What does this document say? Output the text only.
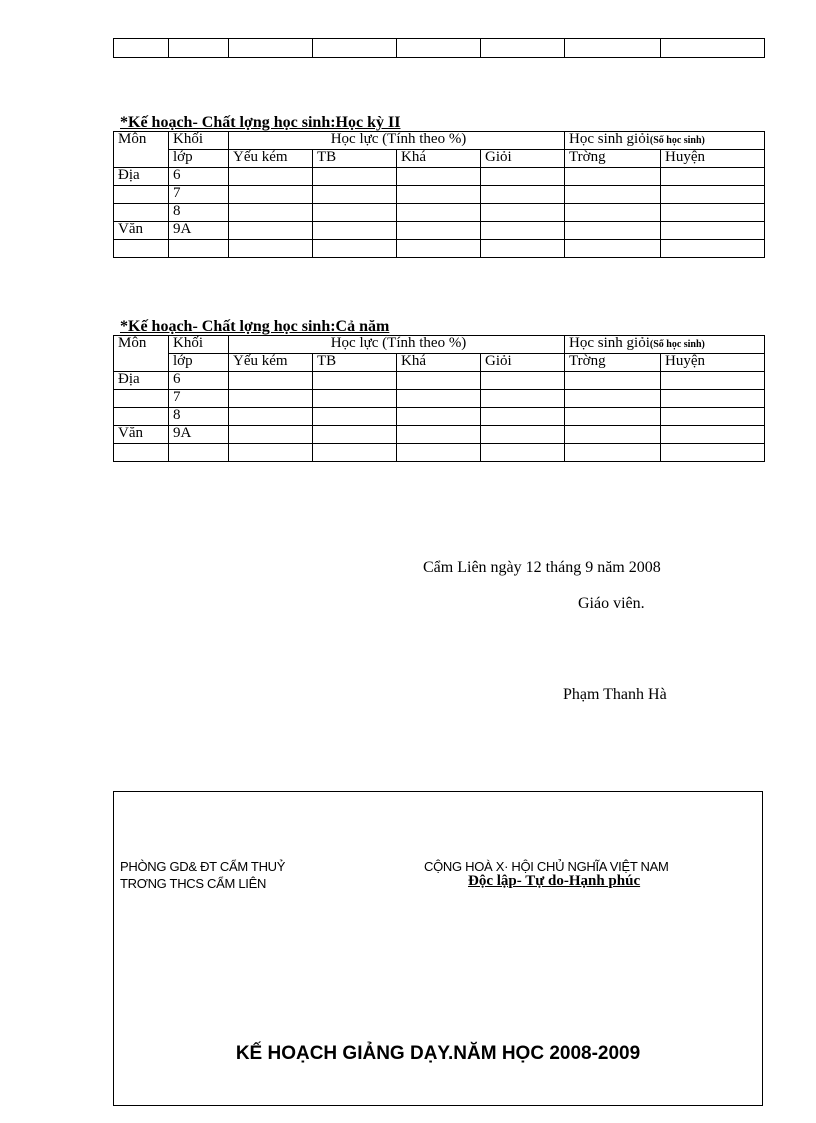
*Kế hoạch- Chất lợng học sinh:Học kỳ II
Môn	Khối	Học lực (Tính theo %)				Học sinh giỏi(Số học sinh)	
	lớp	Yếu kém	TB	Khá	Giỏi	Trờng	Huyện
Địa	6						
	7						
	8						
Văn	9A						

*Kế hoạch- Chất lợng học sinh:Cả năm
Môn	Khối	Học lực (Tính theo %)				Học sinh giỏi(Số học sinh)	
	lớp	Yếu kém	TB	Khá	Giỏi	Trờng	Huyện
Địa	6						
	7						
	8						
Văn	9A						

Cẩm Liên ngày 12 tháng 9 năm 2008
Giáo viên.
Phạm Thanh Hà
PHÒNG GD& ĐT CẨM THUỶ
TRƠNG THCS CẨM LIÊN
CỘNG HOÀ X· HỘI CHỦ NGHĨA VIỆT NAM
Độc lập- Tự do-Hạnh phúc
KẾ HOẠCH GIẢNG DẠY.NĂM HỌC 2008-2009
